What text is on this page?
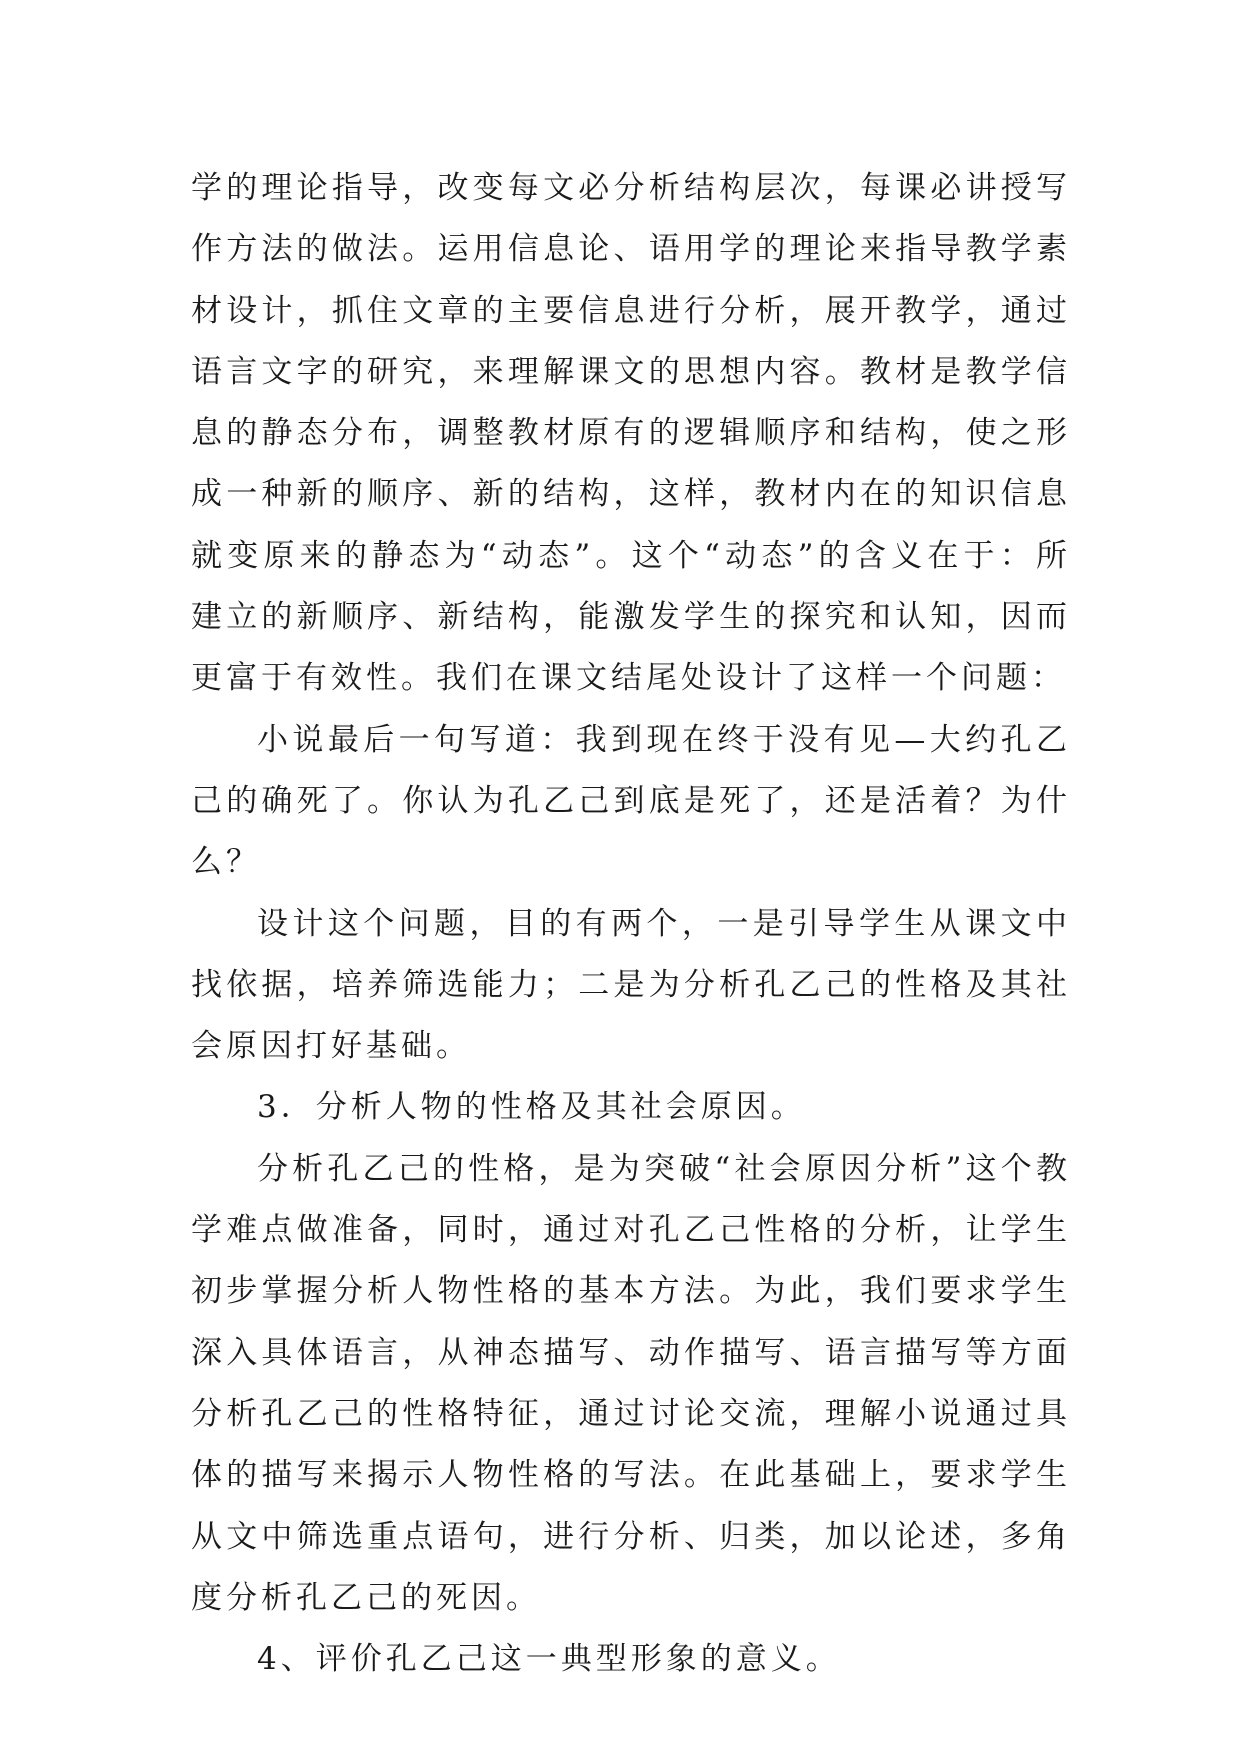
学的理论指导，改变每文必分析结构层次，每课必讲授写作方法的做法。运用信息论、语用学的理论来指导教学素材设计，抓住文章的主要信息进行分析，展开教学，通过语言文字的研究，来理解课文的思想内容。教材是教学信息的静态分布，调整教材原有的逻辑顺序和结构，使之形成一种新的顺序、新的结构，这样，教材内在的知识信息就变原来的静态为“动态”。这个“动态”的含义在于：所建立的新顺序、新结构，能激发学生的探究和认知，因而更富于有效性。我们在课文结尾处设计了这样一个问题：

小说最后一句写道：我到现在终于没有见—大约孔乙己的确死了。你认为孔乙己到底是死了，还是活着？为什么？

设计这个问题，目的有两个，一是引导学生从课文中找依据，培养筛选能力；二是为分析孔乙己的性格及其社会原因打好基础。

3．分析人物的性格及其社会原因。

分析孔乙己的性格，是为突破“社会原因分析”这个教学难点做准备，同时，通过对孔乙己性格的分析，让学生初步掌握分析人物性格的基本方法。为此，我们要求学生深入具体语言，从神态描写、动作描写、语言描写等方面分析孔乙己的性格特征，通过讨论交流，理解小说通过具体的描写来揭示人物性格的写法。在此基础上，要求学生从文中筛选重点语句，进行分析、归类，加以论述，多角度分析孔乙己的死因。

4、评价孔乙己这一典型形象的意义。
